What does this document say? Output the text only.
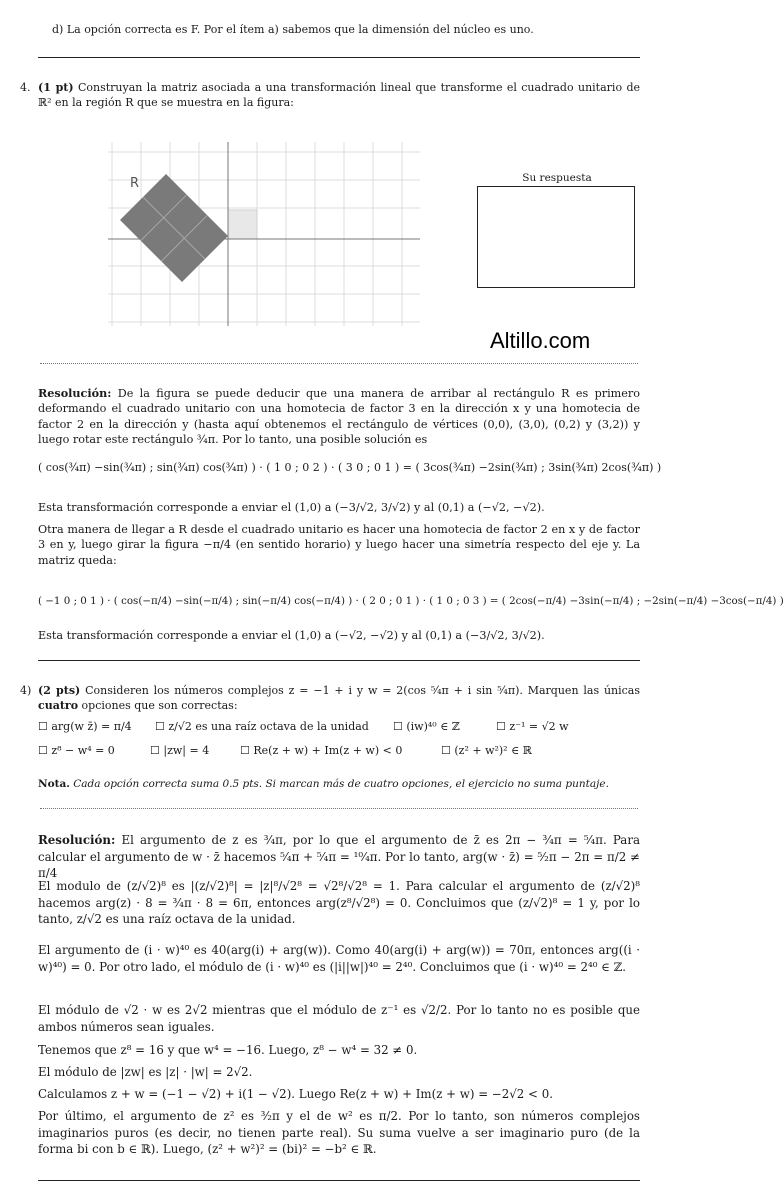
d) La opción correcta es F. Por el ítem a) sabemos que la dimensión del núcleo es uno.
4. (1 pt) Construyan la matriz asociada a una transformación lineal que transforme el cuadrado unitario de ℝ² en la región R que se muestra en la figura:

R	Su respuesta
Altillo.com

Resolución: De la figura se puede deducir que una manera de arribar al rectángulo R es primero deformando el cuadrado unitario con una homotecia de factor 3 en la dirección x y una homotecia de factor 2 en la dirección y (hasta aquí obtenemos el rectángulo de vértices (0,0), (3,0), (0,2) y (3,2)) y luego rotar este rectángulo ¾π. Por lo tanto, una posible solución es

( cos(¾π) −sin(¾π) ; sin(¾π) cos(¾π) ) · ( 1 0 ; 0 2 ) · ( 3 0 ; 0 1 ) = ( 3cos(¾π) −2sin(¾π) ; 3sin(¾π) 2cos(¾π) )

Esta transformación corresponde a enviar el (1,0) a (−3/√2, 3/√2) y al (0,1) a (−√2, −√2).

Otra manera de llegar a R desde el cuadrado unitario es hacer una homotecia de factor 2 en x y de factor 3 en y, luego girar la figura −π/4 (en sentido horario) y luego hacer una simetría respecto del eje y. La matriz queda:

( −1 0 ; 0 1 ) · ( cos(−π/4) −sin(−π/4) ; sin(−π/4) cos(−π/4) ) · ( 2 0 ; 0 1 ) · ( 1 0 ; 0 3 ) = ( 2cos(−π/4) −3sin(−π/4) ; −2sin(−π/4) −3cos(−π/4) )

Esta transformación corresponde a enviar el (1,0) a (−√2, −√2) y al (0,1) a (−3/√2, 3/√2).

4) (2 pts) Consideren los números complejos z = −1 + i y w = 2(cos ⁵⁄₄π + i sin ⁵⁄₄π). Marquen las únicas cuatro opciones que son correctas:

☐ arg(w z̄) = π/4 ☐ z/√2 es una raíz octava de la unidad ☐ (iw)⁴⁰ ∈ ℤ	☐ z⁻¹ = √2 w
☐ z⁸ − w⁴ = 0	☐ |zw| = 4	☐ Re(z + w) + Im(z + w) < 0	☐ (z² + w²)² ∈ ℝ

Nota. Cada opción correcta suma 0.5 pts. Si marcan más de cuatro opciones, el ejercicio no suma puntaje.

Resolución: El argumento de z es ¾π, por lo que el argumento de z̄ es 2π − ¾π = ⁵⁄₄π. Para calcular el argumento de w · z̄ hacemos ⁵⁄₄π + ⁵⁄₄π = ¹⁰⁄₄π. Por lo tanto, arg(w · z̄) = ⁵⁄₂π − 2π = π/2 ≠ π/4

El modulo de (z/√2)⁸ es |(z/√2)⁸| = |z|⁸/√2⁸ = √2⁸/√2⁸ = 1. Para calcular el argumento de (z/√2)⁸ hacemos arg(z) · 8 = ¾π · 8 = 6π, entonces arg(z⁸/√2⁸) = 0. Concluimos que (z/√2)⁸ = 1 y, por lo tanto, z/√2 es una raíz octava de la unidad.

El argumento de (i · w)⁴⁰ es 40(arg(i) + arg(w)). Como 40(arg(i) + arg(w)) = 70π, entonces arg((i · w)⁴⁰) = 0. Por otro lado, el módulo de (i · w)⁴⁰ es (|i||w|)⁴⁰ = 2⁴⁰. Concluimos que (i · w)⁴⁰ = 2⁴⁰ ∈ ℤ.

El módulo de √2 · w es 2√2 mientras que el módulo de z⁻¹ es √2/2. Por lo tanto no es posible que ambos números sean iguales.

Tenemos que z⁸ = 16 y que w⁴ = −16. Luego, z⁸ − w⁴ = 32 ≠ 0.

El módulo de |zw| es |z| · |w| = 2√2.

Calculamos z + w = (−1 − √2) + i(1 − √2). Luego Re(z + w) + Im(z + w) = −2√2 < 0.

Por último, el argumento de z² es ³⁄₂π y el de w² es π/2. Por lo tanto, son números complejos imaginarios puros (es decir, no tienen parte real). Su suma vuelve a ser imaginario puro (de la forma bi con b ∈ ℝ). Luego, (z² + w²)² = (bi)² = −b² ∈ ℝ.
